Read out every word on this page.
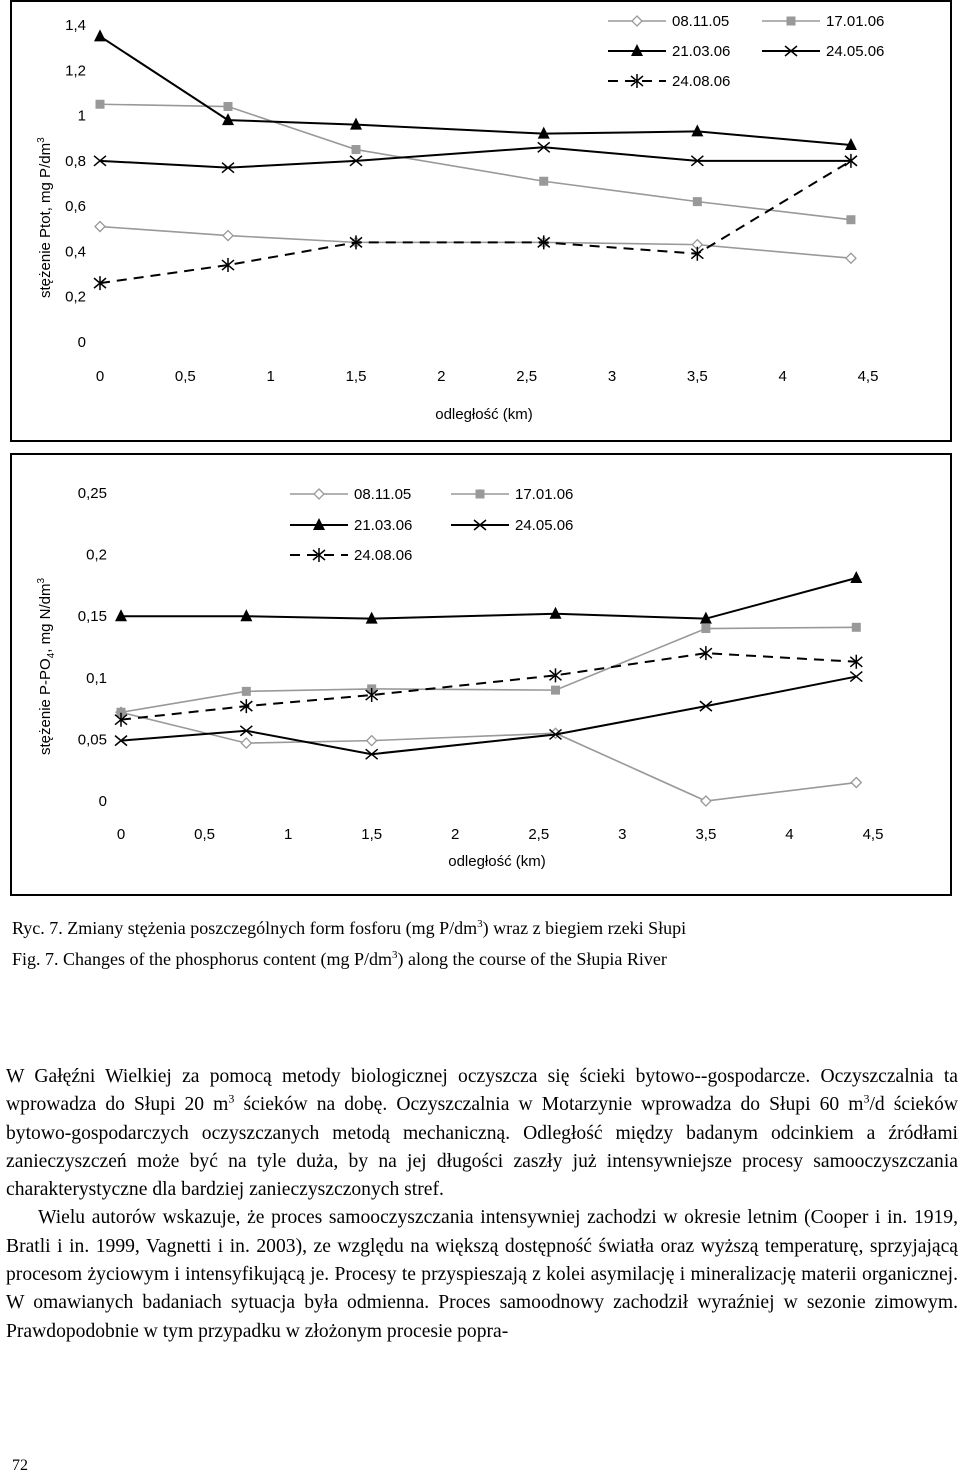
stężenie Ptot, mg $P/dm^3$
0
0,2
0,4
0,6
0,8
1
1,2
1,4
0	0,5	1	1,5	2	2,5	3	3,5	4	4,5
odległość (km)
08.11.05	17.01.06
21.03.06	24.05.06
24.08.06
stężenie $P-PO_4$, mg $N/dm^3$
0
0,05
0,1
0,15
0,2
0,25
0	0,5	1	1,5	2	2,5	3	3,5	4	4,5
odległość (km)
08.11.05	17.01.06
21.03.06	24.05.06
24.08.06
Ryc. 7. Zmiany stężenia poszczególnych form fosforu (mg $P/dm^3$) wraz z biegiem rzeki Słupi
Fig. 7. Changes of the phosphorus content (mg $P/dm^3$) along the course of the Słupia River

W Gałęźni Wielkiej za pomocą metody biologicznej oczyszcza się ścieki bytowo--gospodarcze. Oczyszczalnia ta wprowadza do Słupi 20 $m^3$ ścieków na dobę. Oczyszczalnia w Motarzynie wprowadza do Słupi 60 $m^3/d$ ścieków bytowo-gospodarczych oczyszczanych metodą mechaniczną. Odległość między badanym odcinkiem a źródłami zanieczyszczeń może być na tyle duża, by na jej długości zaszły już intensywniejsze procesy samooczyszczania charakterystyczne dla bardziej zanieczyszczonych stref.

Wielu autorów wskazuje, że proces samooczyszczania intensywniej zachodzi w okresie letnim (Cooper i in. 1919, Bratli i in. 1999, Vagnetti i in. 2003), ze względu na większą dostępność światła oraz wyższą temperaturę, sprzyjającą procesom życiowym i intensyfikującą je. Procesy te przyspieszają z kolei asymilację i mineralizację materii organicznej. W omawianych badaniach sytuacja była odmienna. Proces samoodnowy zachodził wyraźniej w sezonie zimowym. Prawdopodobnie w tym przypadku w złożonym procesie popra-

72
